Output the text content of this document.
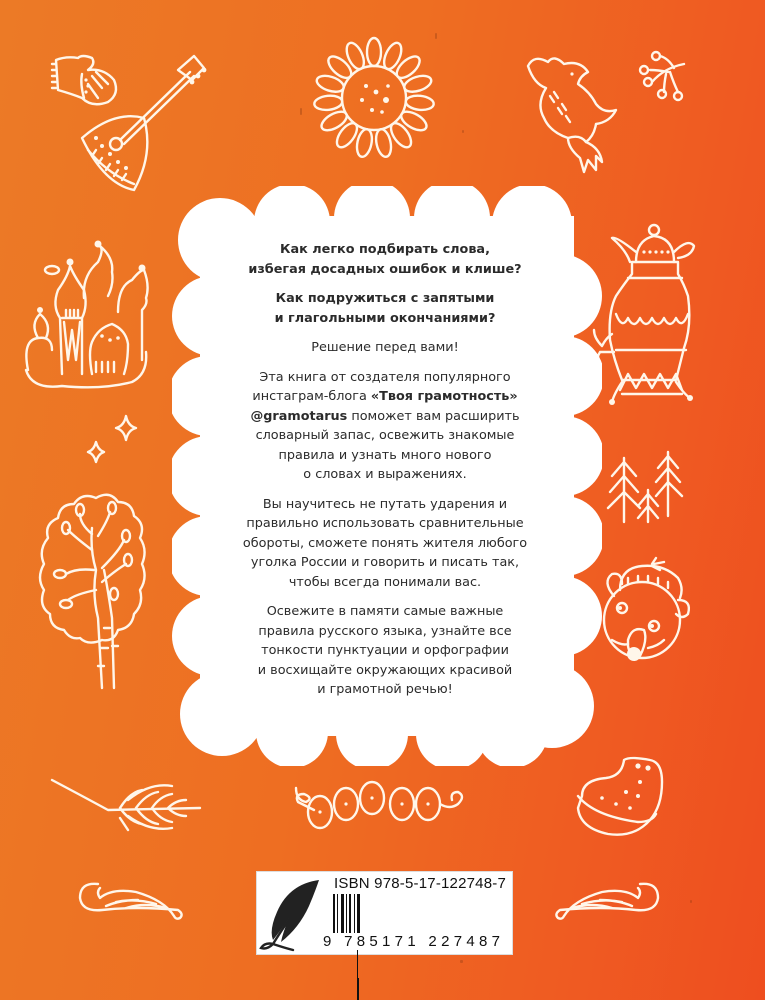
Как легко подбирать слова,
избегая досадных ошибок и клише?

Как подружиться с запятыми
и глагольными окончаниями?

Решение перед вами!

Эта книга от создателя популярного
инстаграм-блога «Твоя грамотность»
@gramotarus поможет вам расширить
словарный запас, освежить знакомые
правила и узнать много нового
о словах и выражениях.

Вы научитесь не путать ударения и
правильно использовать сравнительные
обороты, сможете понять жителя любого
уголка России и говорить и писать так,
чтобы всегда понимали вас.

Освежите в памяти самые важные
правила русского языка, узнайте все
тонкости пунктуации и орфографии
и восхищайте окружающих красивой
и грамотной речью!

ISBN 978-5-17-122748-7
9 785171 227487
